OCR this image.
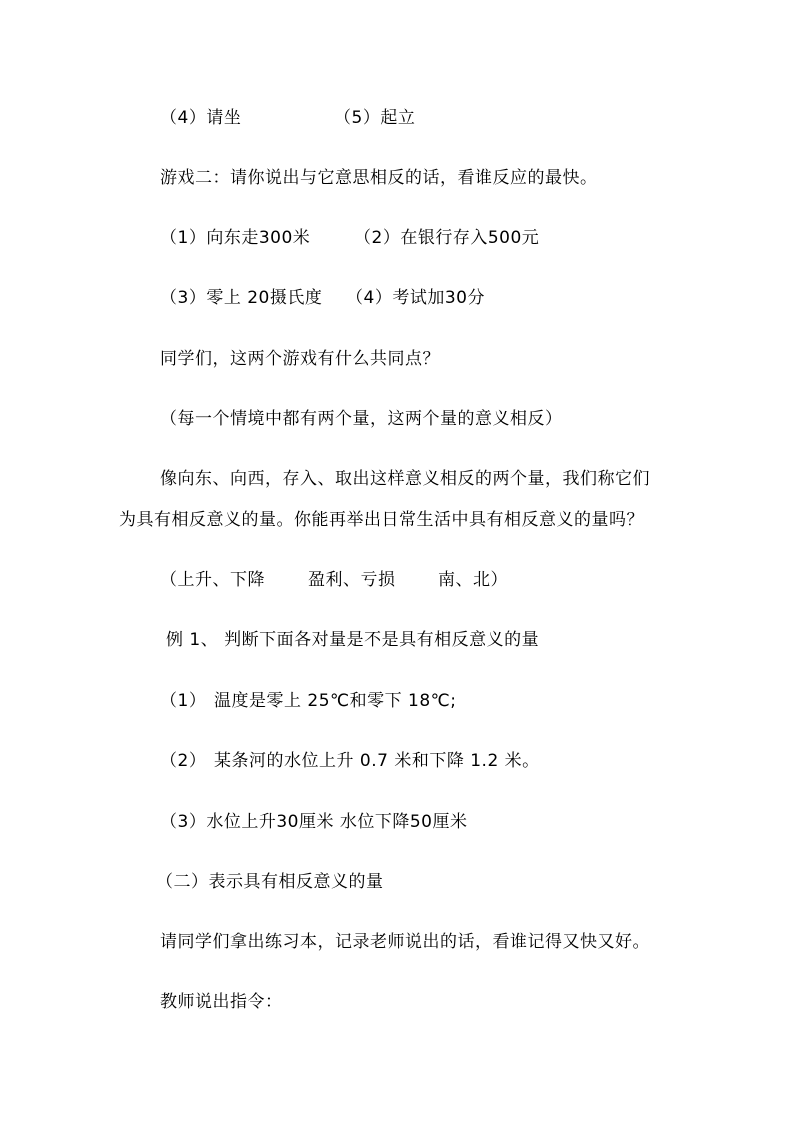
（4）请坐	（5）起立
游戏二：请你说出与它意思相反的话，看谁反应的最快。
（1）向东走300米	（2）在银行存入500元
（3）零上 20摄氏度 （4）考试加30分
同学们，这两个游戏有什么共同点？
（每一个情境中都有两个量，这两个量的意义相反）
像向东、向西，存入、取出这样意义相反的两个量，我们称它们
为具有相反意义的量。你能再举出日常生活中具有相反意义的量吗？
（上升、下降	盈利、亏损	南、北）
例 1、 判断下面各对量是不是具有相反意义的量
（1） 温度是零上 25℃和零下 18℃;
（2） 某条河的水位上升 0.7 米和下降 1.2 米。
（3）水位上升30厘米 水位下降50厘米
（二）表示具有相反意义的量
请同学们拿出练习本，记录老师说出的话，看谁记得又快又好。
教师说出指令：
